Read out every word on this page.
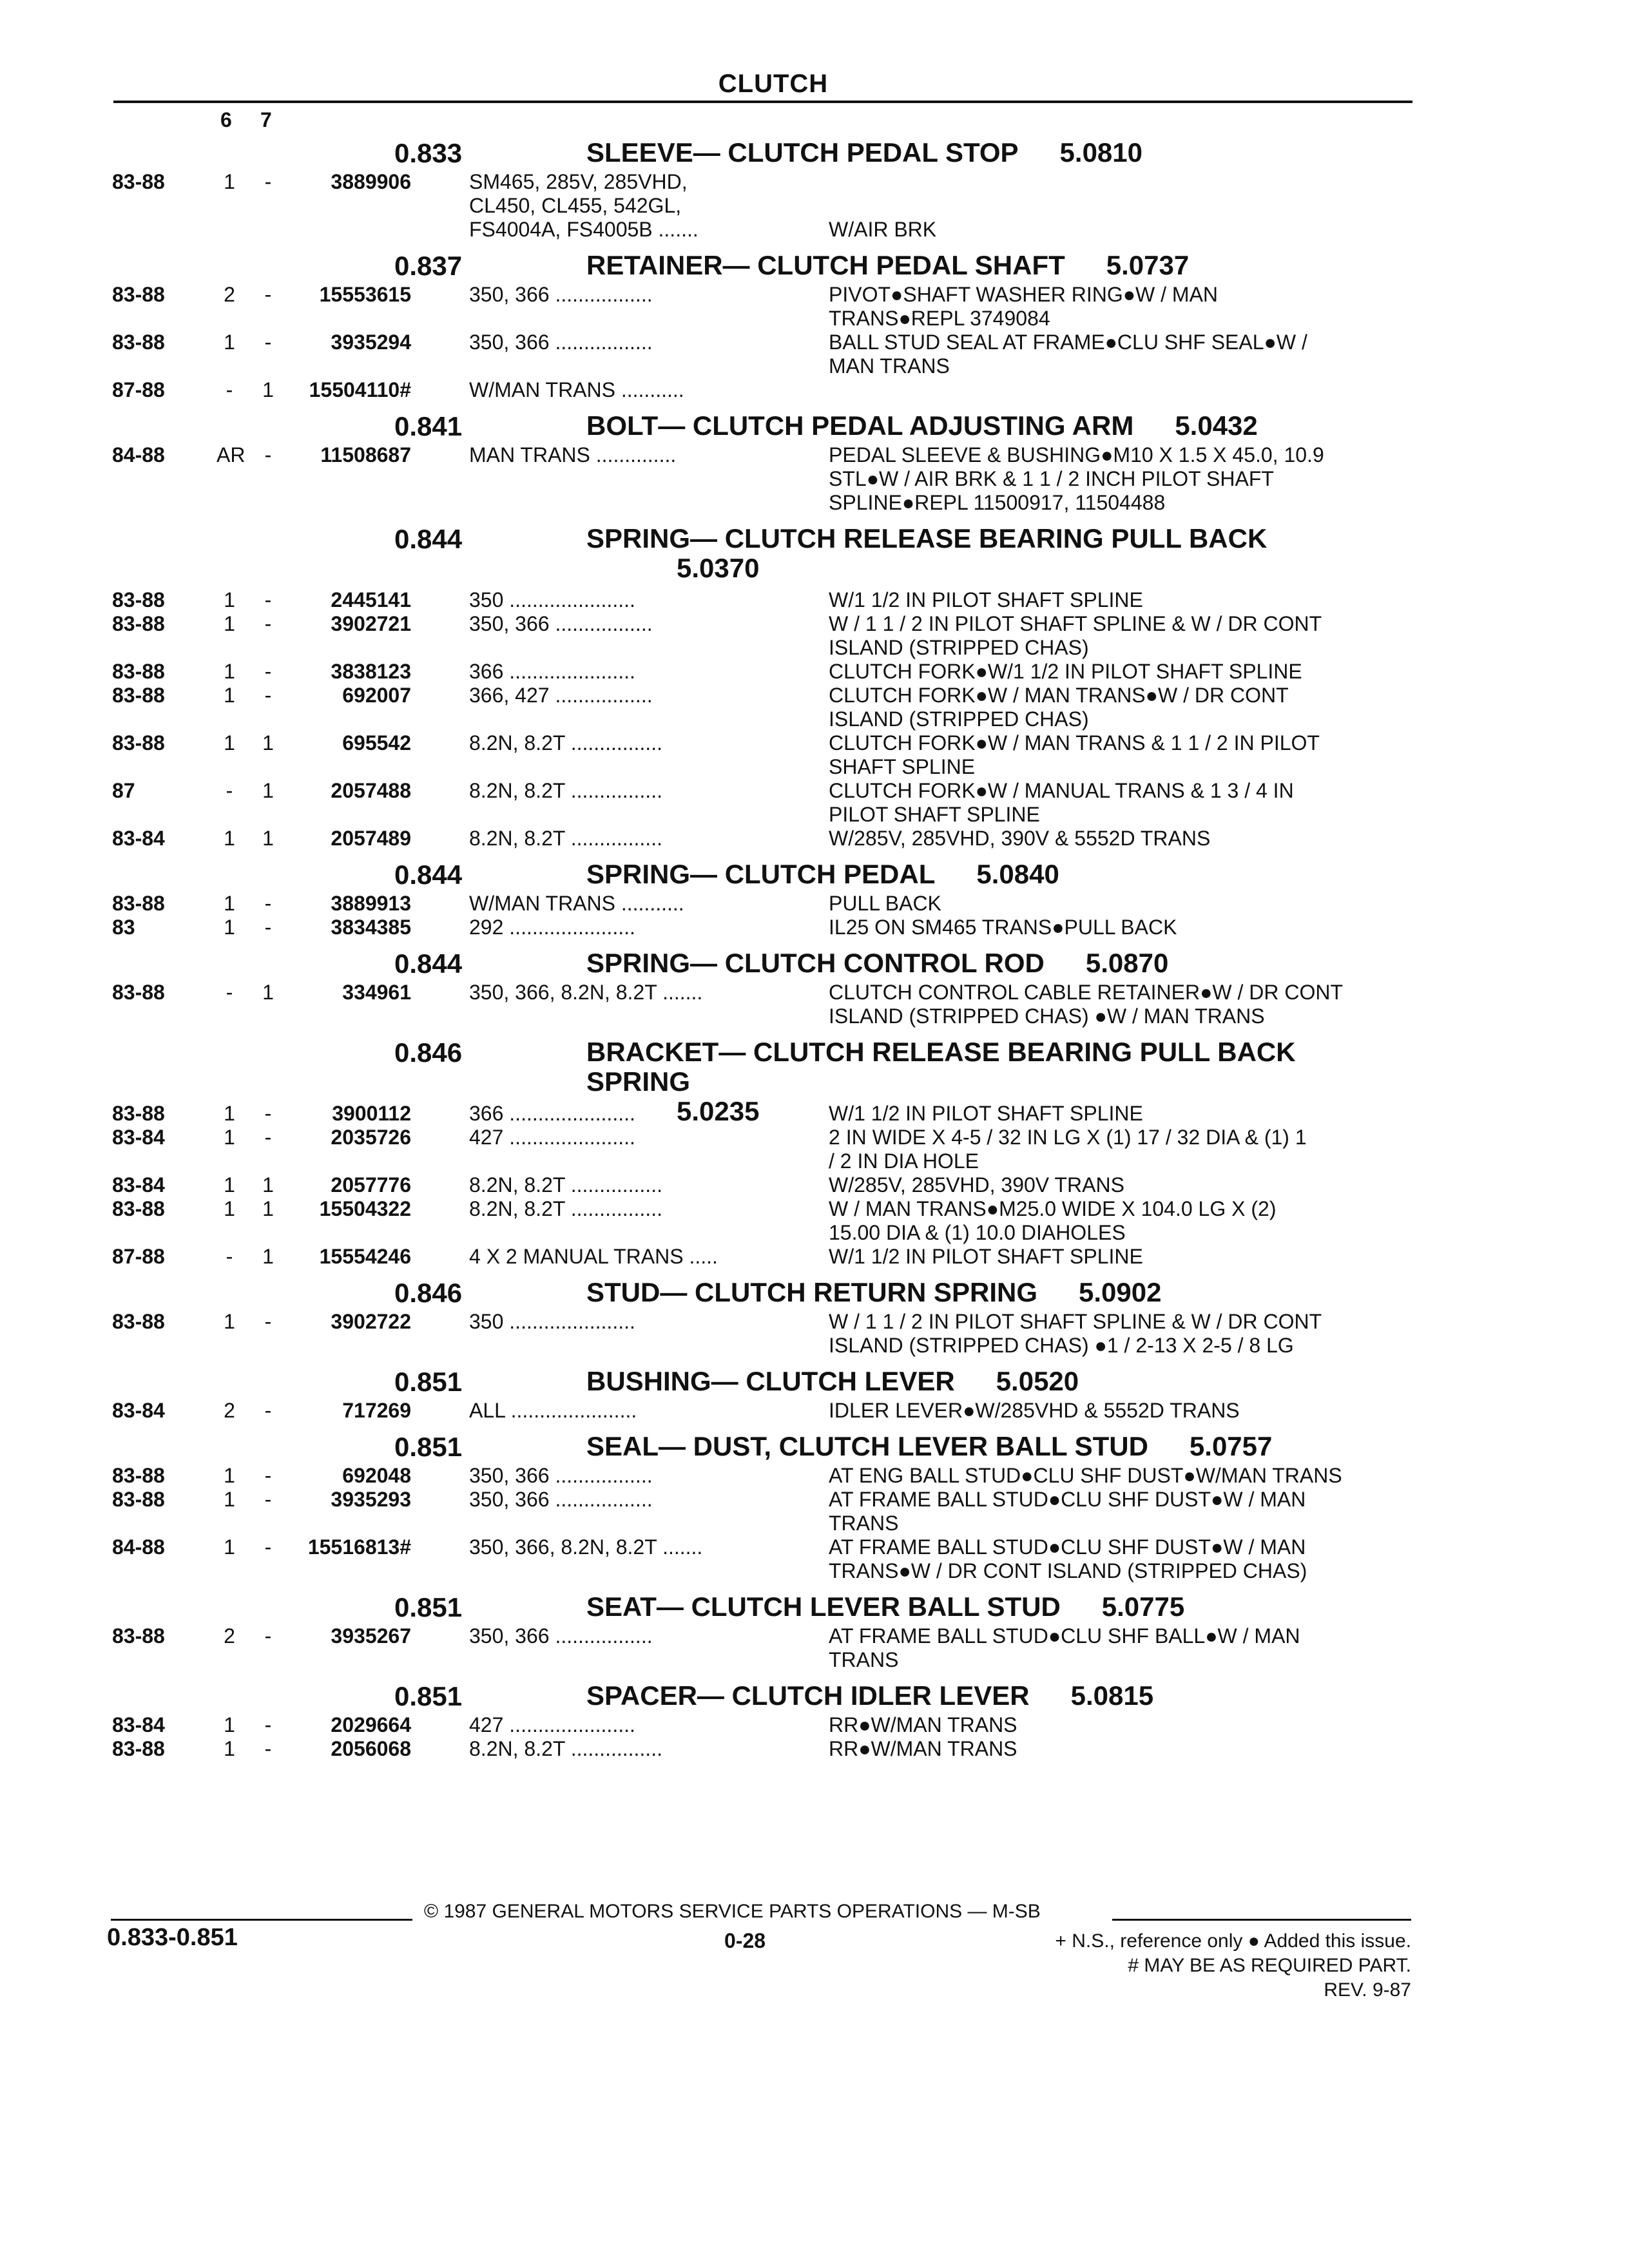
CLUTCH
6 7
0.833	SLEEVE— CLUTCH PEDAL STOP 5.0810
83-88	1	-	3889906	SM465, 285V, 285VHD,
CL450, CL455, 542GL,
FS4004A, FS4005B .......	

W/AIR BRK
0.837	RETAINER— CLUTCH PEDAL SHAFT 5.0737
83-88	2	-	15553615	350, 366 .................	PIVOT●SHAFT WASHER RING●W / MAN
TRANS●REPL 3749084
83-88	1	-	3935294	350, 366 .................	BALL STUD SEAL AT FRAME●CLU SHF SEAL●W /
MAN TRANS
87-88	-	1 15504110#	W/MAN TRANS ...........
0.841	BOLT— CLUTCH PEDAL ADJUSTING ARM 5.0432
84-88	AR -	11508687	MAN TRANS ..............	PEDAL SLEEVE & BUSHING●M10 X 1.5 X 45.0, 10.9
STL●W / AIR BRK & 1 1 / 2 INCH PILOT SHAFT
SPLINE●REPL 11500917, 11504488
0.844	SPRING— CLUTCH RELEASE BEARING PULL BACK
5.0370
83-88	1	-	2445141	350 ......................	W/1 1/2 IN PILOT SHAFT SPLINE
83-88	1	-	3902721	350, 366 .................	W / 1 1 / 2 IN PILOT SHAFT SPLINE & W / DR CONT
ISLAND (STRIPPED CHAS)
83-88	1	-	3838123	366 ......................	CLUTCH FORK●W/1 1/2 IN PILOT SHAFT SPLINE
83-88	1	-	692007	366, 427 .................	CLUTCH FORK●W / MAN TRANS●W / DR CONT
ISLAND (STRIPPED CHAS)
83-88	1	1	695542	8.2N, 8.2T ................	CLUTCH FORK●W / MAN TRANS & 1 1 / 2 IN PILOT
SHAFT SPLINE
87	-	1	2057488	8.2N, 8.2T ................	CLUTCH FORK●W / MANUAL TRANS & 1 3 / 4 IN
PILOT SHAFT SPLINE
83-84	1	1	2057489	8.2N, 8.2T ................	W/285V, 285VHD, 390V & 5552D TRANS
0.844	SPRING— CLUTCH PEDAL 5.0840
83-88	1	-	3889913	W/MAN TRANS ...........	PULL BACK
83	1	-	3834385	292 ......................	IL25 ON SM465 TRANS●PULL BACK
0.844	SPRING— CLUTCH CONTROL ROD 5.0870
83-88	-	1	334961	350, 366, 8.2N, 8.2T .......	CLUTCH CONTROL CABLE RETAINER●W / DR CONT
ISLAND (STRIPPED CHAS) ●W / MAN TRANS
0.846	BRACKET— CLUTCH RELEASE BEARING PULL BACK SPRING
5.0235
83-88	1	-	3900112	366 ......................	W/1 1/2 IN PILOT SHAFT SPLINE
83-84	1	-	2035726	427 ......................	2 IN WIDE X 4-5 / 32 IN LG X (1) 17 / 32 DIA & (1) 1
/ 2 IN DIA HOLE
83-84	1	1	2057776	8.2N, 8.2T ................	W/285V, 285VHD, 390V TRANS
83-88	1	1 15504322	8.2N, 8.2T ................	W / MAN TRANS●M25.0 WIDE X 104.0 LG X (2)
15.00 DIA & (1) 10.0 DIAHOLES
87-88	-	1 15554246	4 X 2 MANUAL TRANS .....	W/1 1/2 IN PILOT SHAFT SPLINE
0.846	STUD— CLUTCH RETURN SPRING 5.0902
83-88	1	-	3902722	350 ......................	W / 1 1 / 2 IN PILOT SHAFT SPLINE & W / DR CONT
ISLAND (STRIPPED CHAS) ●1 / 2-13 X 2-5 / 8 LG
0.851	BUSHING— CLUTCH LEVER 5.0520
83-84	2	-	717269	ALL ......................	IDLER LEVER●W/285VHD & 5552D TRANS
0.851	SEAL— DUST, CLUTCH LEVER BALL STUD 5.0757
83-88	1	-	692048	350, 366 .................	AT ENG BALL STUD●CLU SHF DUST●W/MAN TRANS
83-88	1	-	3935293	350, 366 .................	AT FRAME BALL STUD●CLU SHF DUST●W / MAN
TRANS
84-88	1	-	15516813#	350, 366, 8.2N, 8.2T .......	AT FRAME BALL STUD●CLU SHF DUST●W / MAN
TRANS●W / DR CONT ISLAND (STRIPPED CHAS)
0.851	SEAT— CLUTCH LEVER BALL STUD 5.0775
83-88	2	-	3935267	350, 366 .................	AT FRAME BALL STUD●CLU SHF BALL●W / MAN
TRANS
0.851	SPACER— CLUTCH IDLER LEVER 5.0815
83-84	1	-	2029664	427 ......................	RR●W/MAN TRANS
83-88	1	-	2056068	8.2N, 8.2T ................	RR●W/MAN TRANS
© 1987 GENERAL MOTORS SERVICE PARTS OPERATIONS — M-SB
0.833-0.851	0-28	+ N.S., reference only ● Added this issue.
# MAY BE AS REQUIRED PART.
REV. 9-87
